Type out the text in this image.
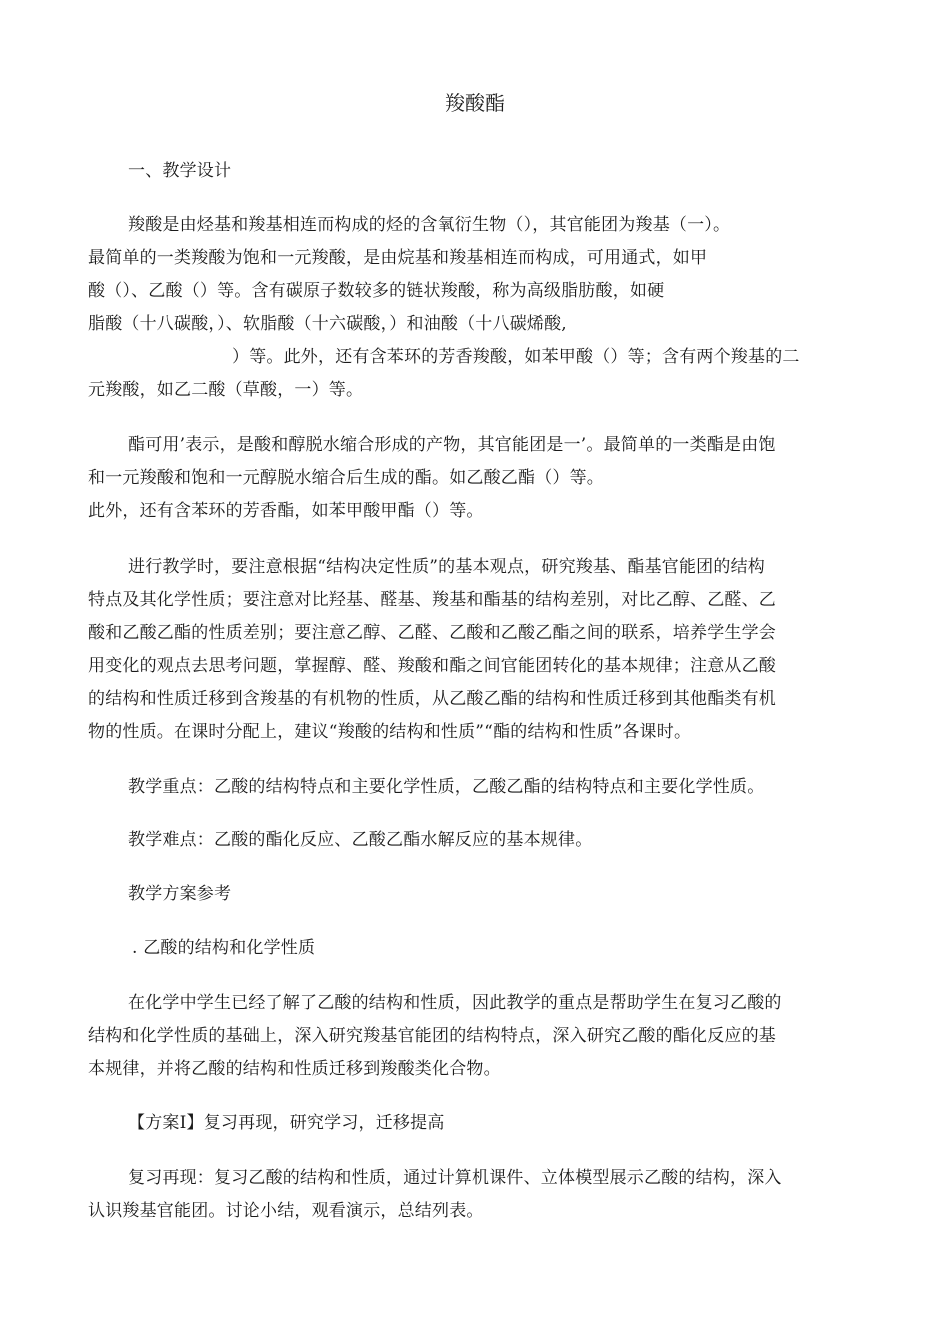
羧酸酯
一、教学设计
羧酸是由烃基和羧基相连而构成的烃的含氧衍生物（），其官能团为羧基（一）。
最简单的一类羧酸为饱和一元羧酸，是由烷基和羧基相连而构成，可用通式，如甲
酸（）、乙酸（）等。含有碳原子数较多的链状羧酸，称为高级脂肪酸，如硬
脂酸（十八碳酸，）、软脂酸（十六碳酸，）和油酸（十八碳烯酸,
）等。此外，还有含苯环的芳香羧酸，如苯甲酸（）等；含有两个羧基的二
元羧酸，如乙二酸（草酸，一）等。
酯可用’表示，是酸和醇脱水缩合形成的产物，其官能团是一’。最简单的一类酯是由饱
和一元羧酸和饱和一元醇脱水缩合后生成的酯。如乙酸乙酯（）等。
此外，还有含苯环的芳香酯，如苯甲酸甲酯（）等。
进行教学时，要注意根据“结构决定性质”的基本观点，研究羧基、酯基官能团的结构
特点及其化学性质；要注意对比羟基、醛基、羧基和酯基的结构差别，对比乙醇、乙醛、乙
酸和乙酸乙酯的性质差别；要注意乙醇、乙醛、乙酸和乙酸乙酯之间的联系，培养学生学会
用变化的观点去思考问题，掌握醇、醛、羧酸和酯之间官能团转化的基本规律；注意从乙酸
的结构和性质迁移到含羧基的有机物的性质，从乙酸乙酯的结构和性质迁移到其他酯类有机
物的性质。在课时分配上，建议“羧酸的结构和性质”“酯的结构和性质”各课时。
教学重点：乙酸的结构特点和主要化学性质，乙酸乙酯的结构特点和主要化学性质。
教学难点：乙酸的酯化反应、乙酸乙酯水解反应的基本规律。
教学方案参考
. 乙酸的结构和化学性质
在化学中学生已经了解了乙酸的结构和性质，因此教学的重点是帮助学生在复习乙酸的
结构和化学性质的基础上，深入研究羧基官能团的结构特点，深入研究乙酸的酯化反应的基
本规律，并将乙酸的结构和性质迁移到羧酸类化合物。
【方案Ⅰ】复习再现，研究学习，迁移提高
复习再现：复习乙酸的结构和性质，通过计算机课件、立体模型展示乙酸的结构，深入
认识羧基官能团。讨论小结，观看演示，总结列表。
